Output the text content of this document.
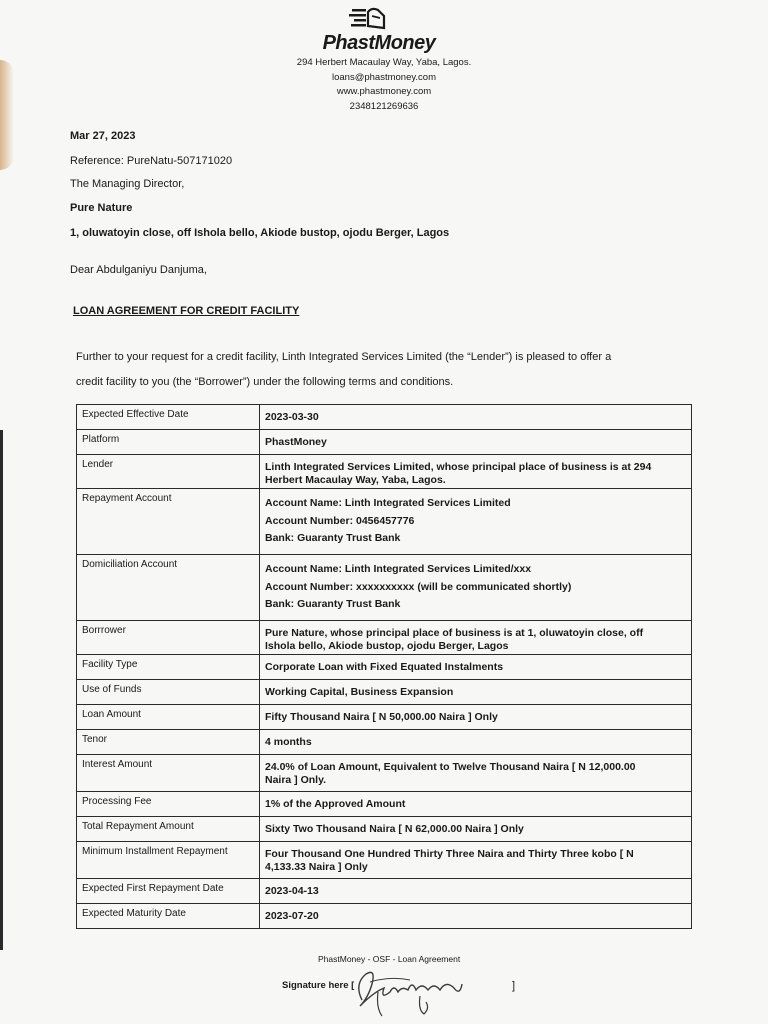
PhastMoney
294 Herbert Macaulay Way, Yaba, Lagos.
loans@phastmoney.com
www.phastmoney.com
2348121269636
Mar 27, 2023
Reference: PureNatu-507171020
The Managing Director,
Pure Nature
1, oluwatoyin close, off Ishola bello, Akiode bustop, ojodu Berger, Lagos
Dear Abdulganiyu Danjuma,
LOAN AGREEMENT FOR CREDIT FACILITY
Further to your request for a credit facility, Linth Integrated Services Limited (the “Lender”) is pleased to offer a
credit facility to you (the “Borrower”) under the following terms and conditions.
Expected Effective Date	2023-03-30

Platform	PhastMoney

Lender	Linth Integrated Services Limited, whose principal place of business is at 294
Herbert Macaulay Way, Yaba, Lagos.

Repayment Account	Account Name: Linth Integrated Services Limited
Account Number: 0456457776
Bank: Guaranty Trust Bank

Domiciliation Account	Account Name: Linth Integrated Services Limited/xxx
Account Number: xxxxxxxxxx (will be communicated shortly)
Bank: Guaranty Trust Bank

Borrrower	Pure Nature, whose principal place of business is at 1, oluwatoyin close, off
Ishola bello, Akiode bustop, ojodu Berger, Lagos

Facility Type	Corporate Loan with Fixed Equated Instalments

Use of Funds	Working Capital, Business Expansion

Loan Amount	Fifty Thousand Naira [ N 50,000.00 Naira ] Only

Tenor	4 months

Interest Amount	24.0% of Loan Amount, Equivalent to Twelve Thousand Naira [ N 12,000.00
Naira ] Only.

Processing Fee	1% of the Approved Amount

Total Repayment Amount	Sixty Two Thousand Naira [ N 62,000.00 Naira ] Only

Minimum Installment Repayment	Four Thousand One Hundred Thirty Three Naira and Thirty Three kobo [ N
4,133.33 Naira ] Only

Expected First Repayment Date	2023-04-13

Expected Maturity Date	2023-07-20
PhastMoney - OSF - Loan Agreement
Signature here [	]
